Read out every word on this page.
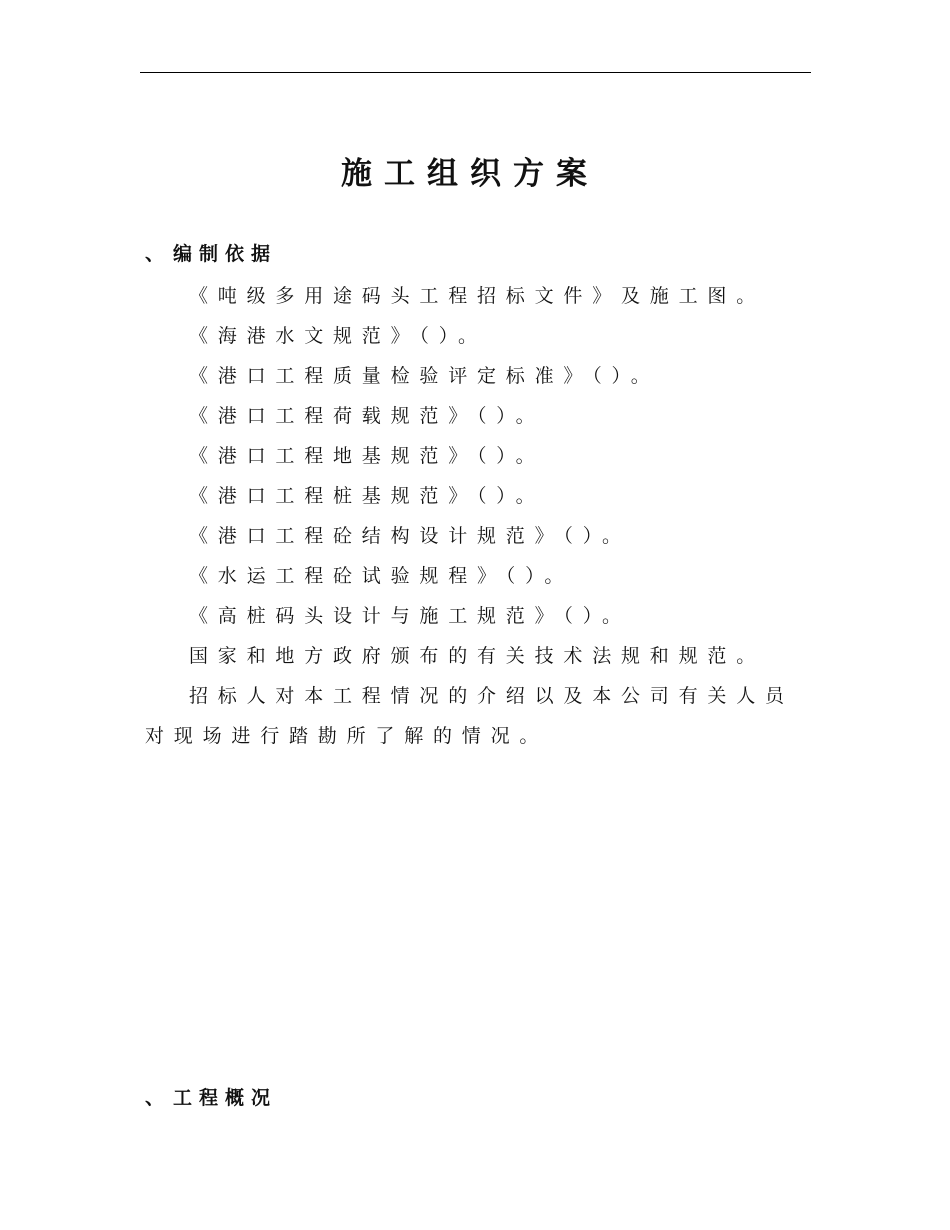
施工组织方案
、 编制依据
《吨级多用途码头工程招标文件》及施工图。
《海港水文规范》（）。
《港口工程质量检验评定标准》（）。
《港口工程荷载规范》（）。
《港口工程地基规范》（）。
《港口工程桩基规范》（）。
《港口工程砼结构设计规范》（）。
《水运工程砼试验规程》（）。
《高桩码头设计与施工规范》（）。
国家和地方政府颁布的有关技术法规和规范。

招标人对本工程情况的介绍以及本公司有关人员对现场进行踏勘所了解的情况。

、 工程概况
